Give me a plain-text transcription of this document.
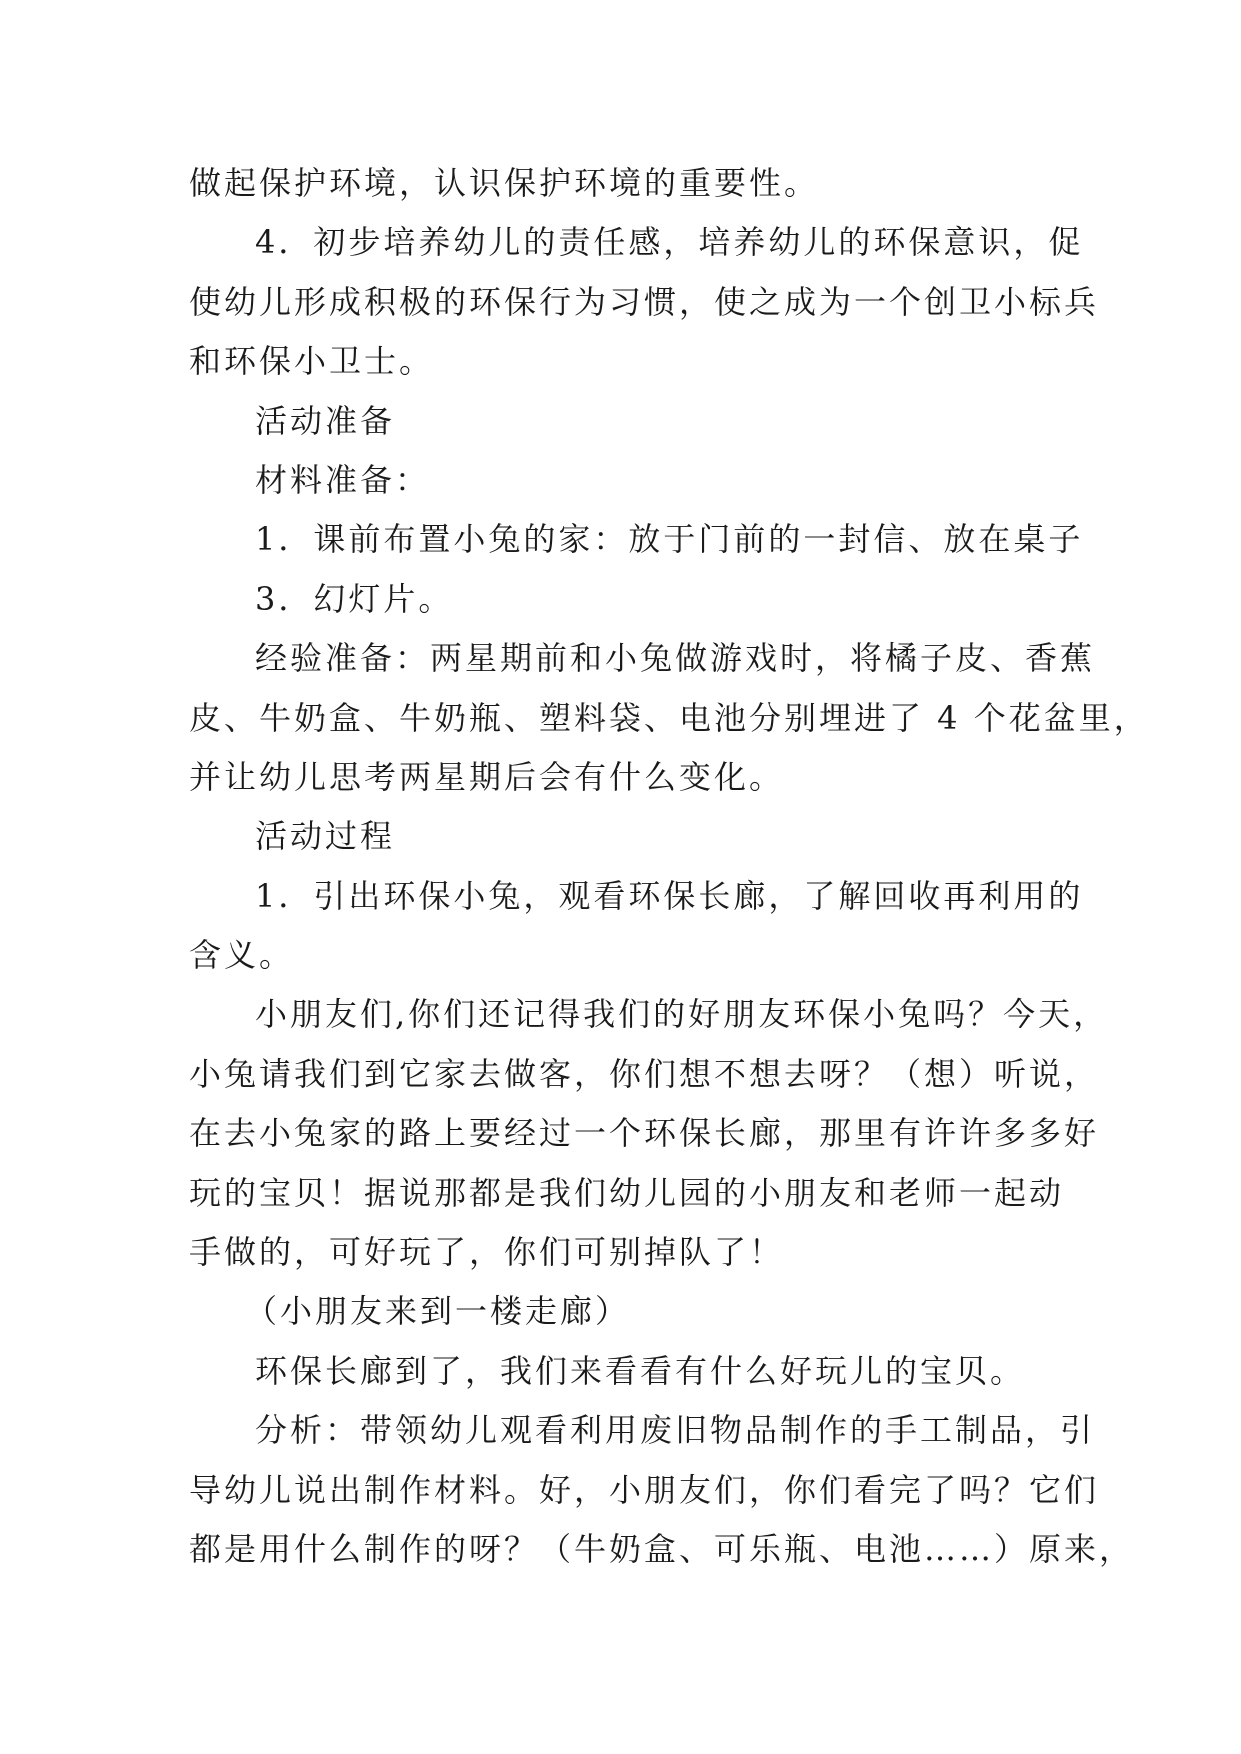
做起保护环境，认识保护环境的重要性。
4．初步培养幼儿的责任感，培养幼儿的环保意识，促
使幼儿形成积极的环保行为习惯，使之成为一个创卫小标兵
和环保小卫士。
活动准备
材料准备：
1．课前布置小兔的家：放于门前的一封信、放在桌子
3．幻灯片。
经验准备：两星期前和小兔做游戏时，将橘子皮、香蕉
皮、牛奶盒、牛奶瓶、塑料袋、电池分别埋进了 4 个花盆里，
并让幼儿思考两星期后会有什么变化。
活动过程
1．引出环保小兔，观看环保长廊，了解回收再利用的
含义。
小朋友们,你们还记得我们的好朋友环保小兔吗？今天，
小兔请我们到它家去做客，你们想不想去呀？（想）听说，
在去小兔家的路上要经过一个环保长廊，那里有许许多多好
玩的宝贝！据说那都是我们幼儿园的小朋友和老师一起动
手做的，可好玩了，你们可别掉队了！
（小朋友来到一楼走廊）
环保长廊到了，我们来看看有什么好玩儿的宝贝。
分析：带领幼儿观看利用废旧物品制作的手工制品，引
导幼儿说出制作材料。好，小朋友们，你们看完了吗？它们
都是用什么制作的呀？（牛奶盒、可乐瓶、电池……）原来，
